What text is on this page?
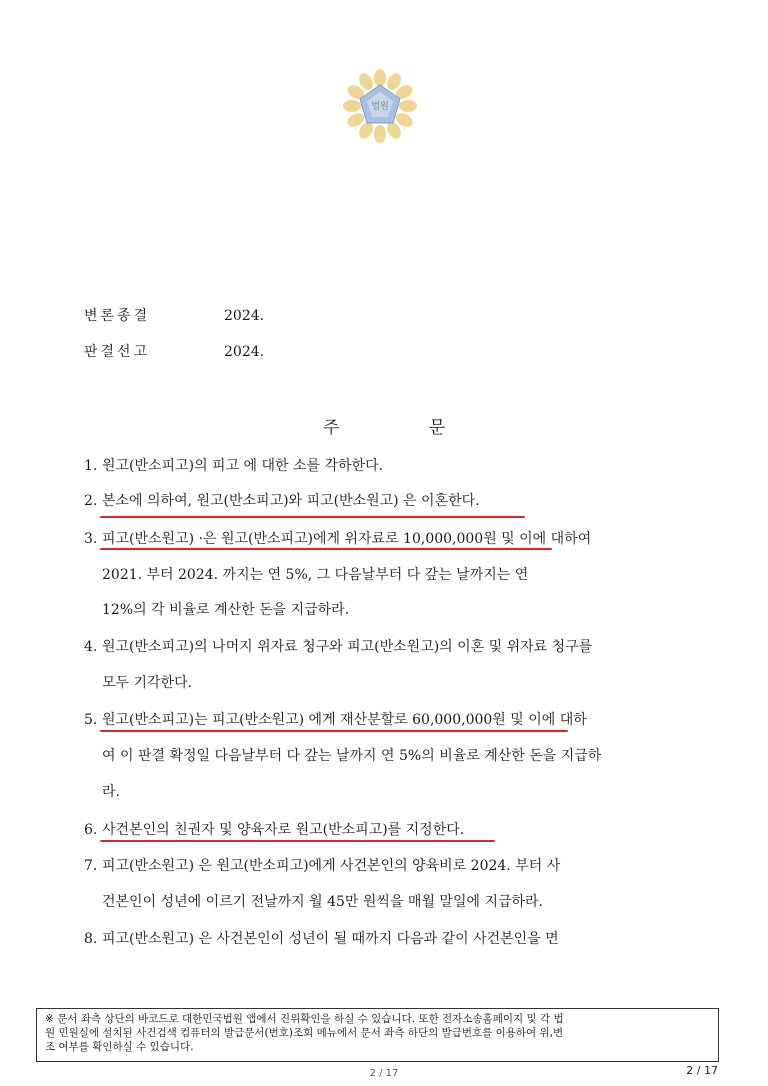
법원
변론종결	2024.
판결선고	2024.
주 문
1. 원고(반소피고)의 피고 에 대한 소를 각하한다.
2. 본소에 의하여, 원고(반소피고)와 피고(반소원고) 은 이혼한다.
3. 피고(반소원고) ·은 원고(반소피고)에게 위자료로 10,000,000원 및 이에 대하여
2021. 부터 2024. 까지는 연 5%, 그 다음날부터 다 갚는 날까지는 연
12%의 각 비율로 계산한 돈을 지급하라.
4. 원고(반소피고)의 나머지 위자료 청구와 피고(반소원고)의 이혼 및 위자료 청구를
모두 기각한다.
5. 원고(반소피고)는 피고(반소원고) 에게 재산분할로 60,000,000원 및 이에 대하
여 이 판결 확정일 다음날부터 다 갚는 날까지 연 5%의 비율로 계산한 돈을 지급하
라.
6. 사건본인의 친권자 및 양육자로 원고(반소피고)를 지정한다.
7. 피고(반소원고) 은 원고(반소피고)에게 사건본인의 양육비로 2024. 부터 사
건본인이 성년에 이르기 전날까지 월 45만 원씩을 매월 말일에 지급하라.
8. 피고(반소원고) 은 사건본인이 성년이 될 때까지 다음과 같이 사건본인을 면
※ 문서 좌측 상단의 바코드로 대한민국법원 앱에서 진위확인을 하실 수 있습니다. 또한 전자소송홈페이지 및 각 법
원 민원실에 설치된 사건검색 컴퓨터의 발급문서(번호)조회 메뉴에서 문서 좌측 하단의 발급번호를 이용하여 위,변
조 여부를 확인하실 수 있습니다.
2 / 17	2 / 17
